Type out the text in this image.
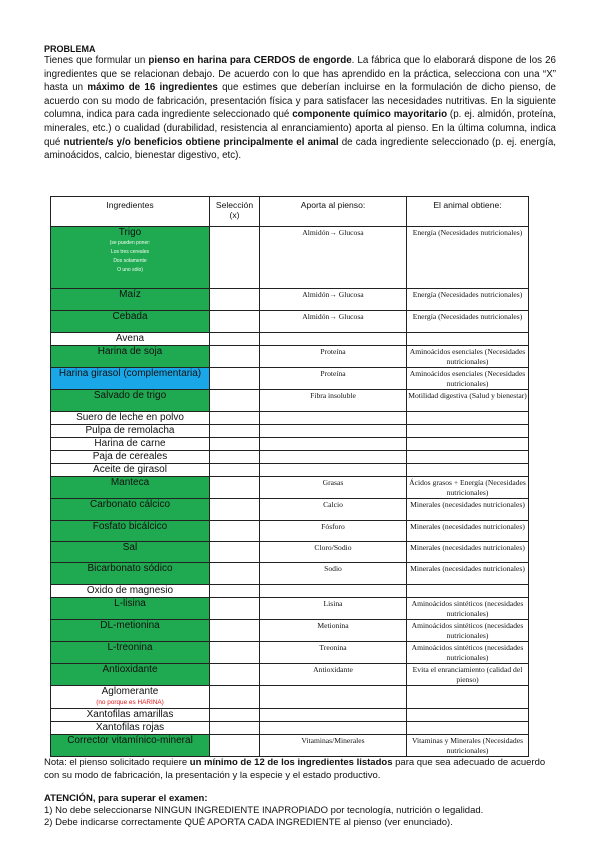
PROBLEMA
Tienes que formular un pienso en harina para CERDOS de engorde. La fábrica que lo elaborará dispone de los 26 ingredientes que se relacionan debajo. De acuerdo con lo que has aprendido en la práctica, selecciona con una “X” hasta un máximo de 16 ingredientes que estimes que deberían incluirse en la formulación de dicho pienso, de acuerdo con su modo de fabricación, presentación física y para satisfacer las necesidades nutritivas. En la siguiente columna, indica para cada ingrediente seleccionado qué componente químico mayoritario (p. ej. almidón, proteína, minerales, etc.) o cualidad (durabilidad, resistencia al enranciamiento) aporta al pienso. En la última columna, indica qué nutriente/s y/o beneficios obtiene principalmente el animal de cada ingrediente seleccionado (p. ej. energía, aminoácidos, calcio, bienestar digestivo, etc).
Ingredientes	Selección (x)	Aporta al pienso:	El animal obtiene:
Trigo
(se pueden poner:
Los tres cereales
Dos solamente
O uno sólo)		Almidón→ Glucosa	Energía (Necesidades nutricionales)
Maíz		Almidón→ Glucosa	Energía (Necesidades nutricionales)
Cebada		Almidón→ Glucosa	Energía (Necesidades nutricionales)
Avena			
Harina de soja		Proteína	Aminoácidos esenciales (Necesidades nutricionales)
Harina girasol (complementaria)		Proteína	Aminoácidos esenciales (Necesidades nutricionales)
Salvado de trigo		Fibra insoluble	Motilidad digestiva (Salud y bienestar)
Suero de leche en polvo			
Pulpa de remolacha			
Harina de carne			
Paja de cereales			
Aceite de girasol			
Manteca		Grasas	Ácidos grasos + Energía (Necesidades nutricionales)
Carbonato cálcico		Calcio	Minerales (necesidades nutricionales)
Fosfato bicálcico		Fósforo	Minerales (necesidades nutricionales)
Sal		Cloro/Sodio	Minerales (necesidades nutricionales)
Bicarbonato sódico		Sodio	Minerales (necesidades nutricionales)
Oxido de magnesio			
L-lisina		Lisina	Aminoácidos sintéticos (necesidades nutricionales)
DL-metionina		Metionina	Aminoácidos sintéticos (necesidades nutricionales)
L-treonina		Treonina	Aminoácidos sintéticos (necesidades nutricionales)
Antioxidante		Antioxidante	Evita el enranciamiento (calidad del pienso)
Aglomerante
(no porque es HARINA)			

Xantofilas amarillas			
Xantofilas rojas			
Corrector vitamínico-mineral		Vitaminas/Minerales	Vitaminas y Minerales (Necesidades nutricionales)
Nota: el pienso solicitado requiere un mínimo de 12 de los ingredientes listados para que sea adecuado de acuerdo con su modo de fabricación, la presentación y la especie y el estado productivo.
ATENCIÓN, para superar el examen:
1) No debe seleccionarse NINGUN INGREDIENTE INAPROPIADO por tecnología, nutrición o legalidad.
2) Debe indicarse correctamente QUÉ APORTA CADA INGREDIENTE al pienso (ver enunciado).
